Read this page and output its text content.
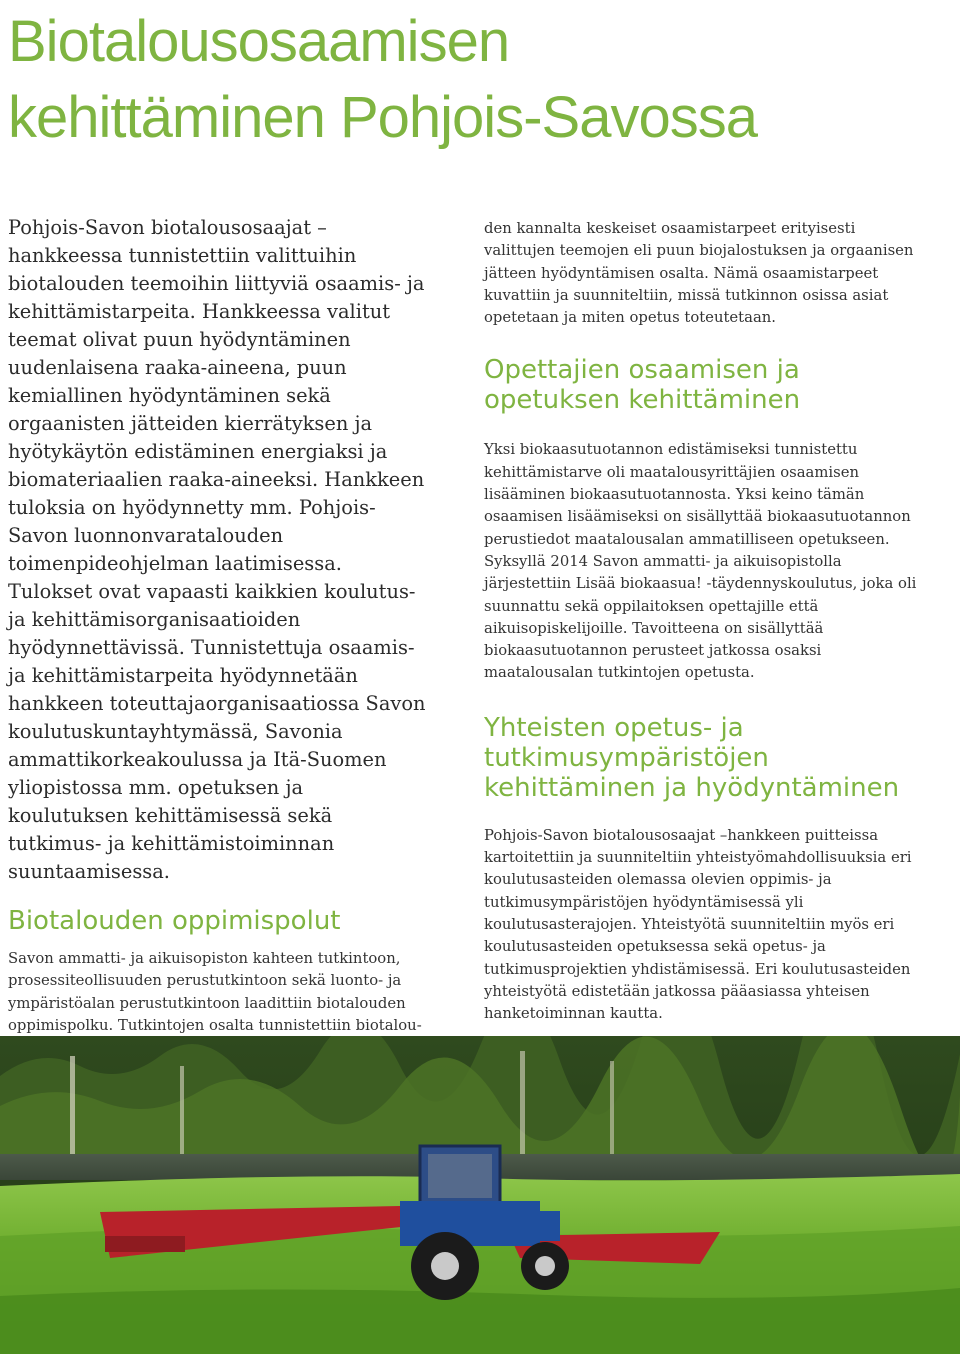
Biotalousosaamisen
kehittäminen Pohjois-Savossa

Pohjois-Savon biotalousosaajat –hankkeessa tunnistettiin valittuihin biotalouden teemoihin liittyviä osaamis- ja kehittämistarpeita. Hankkeessa valitut teemat olivat puun hyödyntäminen uudenlaisena raaka-aineena, puun kemiallinen hyödyntäminen sekä orgaanisten jätteiden kierrätyksen ja hyötykäytön edistäminen energiaksi ja biomateriaalien raaka-aineeksi. Hankkeen tuloksia on hyödynnetty mm. Pohjois-Savon luonnonvaratalouden toimenpideohjelman laatimisessa. Tulokset ovat vapaasti kaikkien koulutus- ja kehittämisorganisaatioiden hyödynnettävissä. Tunnistettuja osaamis- ja kehittämistarpeita hyödynnetään hankkeen toteuttajaorganisaatiossa Savon koulutuskuntayhtymässä, Savonia ammattikorkeakoulussa ja Itä-Suomen yliopistossa mm. opetuksen ja koulutuksen kehittämisessä sekä tutkimus- ja kehittämistoiminnan suuntaamisessa.

Biotalouden oppimispolut

Savon ammatti- ja aikuisopiston kahteen tutkintoon, prosessiteollisuuden perustutkintoon sekä luonto- ja ympäristöalan perustutkintoon laadittiin biotalouden oppimispolku. Tutkintojen osalta tunnistettiin biotalou-

den kannalta keskeiset osaamistarpeet erityisesti valittujen teemojen eli puun biojalostuksen ja orgaanisen jätteen hyödyntämisen osalta. Nämä osaamistarpeet kuvattiin ja suunniteltiin, missä tutkinnon osissa asiat opetetaan ja miten opetus toteutetaan.

Opettajien osaamisen ja opetuksen kehittäminen

Yksi biokaasutuotannon edistämiseksi tunnistettu kehittämistarve oli maatalousyrittäjien osaamisen lisääminen biokaasutuotannosta. Yksi keino tämän osaamisen lisäämiseksi on sisällyttää biokaasutuotannon perustiedot maatalousalan ammatilliseen opetukseen. Syksyllä 2014 Savon ammatti- ja aikuisopistolla järjestettiin Lisää biokaasua! -täydennyskoulutus, joka oli suunnattu sekä oppilaitoksen opettajille että aikuisopiskelijoille. Tavoitteena on sisällyttää biokaasutuotannon perusteet jatkossa osaksi maatalousalan tutkintojen opetusta.

Yhteisten opetus- ja tutkimusympäristöjen kehittäminen ja hyödyntäminen

Pohjois-Savon biotalousosaajat –hankkeen puitteissa kartoitettiin ja suunniteltiin yhteistyömahdollisuuksia eri koulutusasteiden olemassa olevien oppimis- ja tutkimusympäristöjen hyödyntämisessä yli koulutusasterajojen. Yhteistyötä suunniteltiin myös eri koulutusasteiden opetuksessa sekä opetus- ja tutkimusprojektien yhdistämisessä. Eri koulutusasteiden yhteistyötä edistetään jatkossa pääasiassa yhteisen hanketoiminnan kautta.
